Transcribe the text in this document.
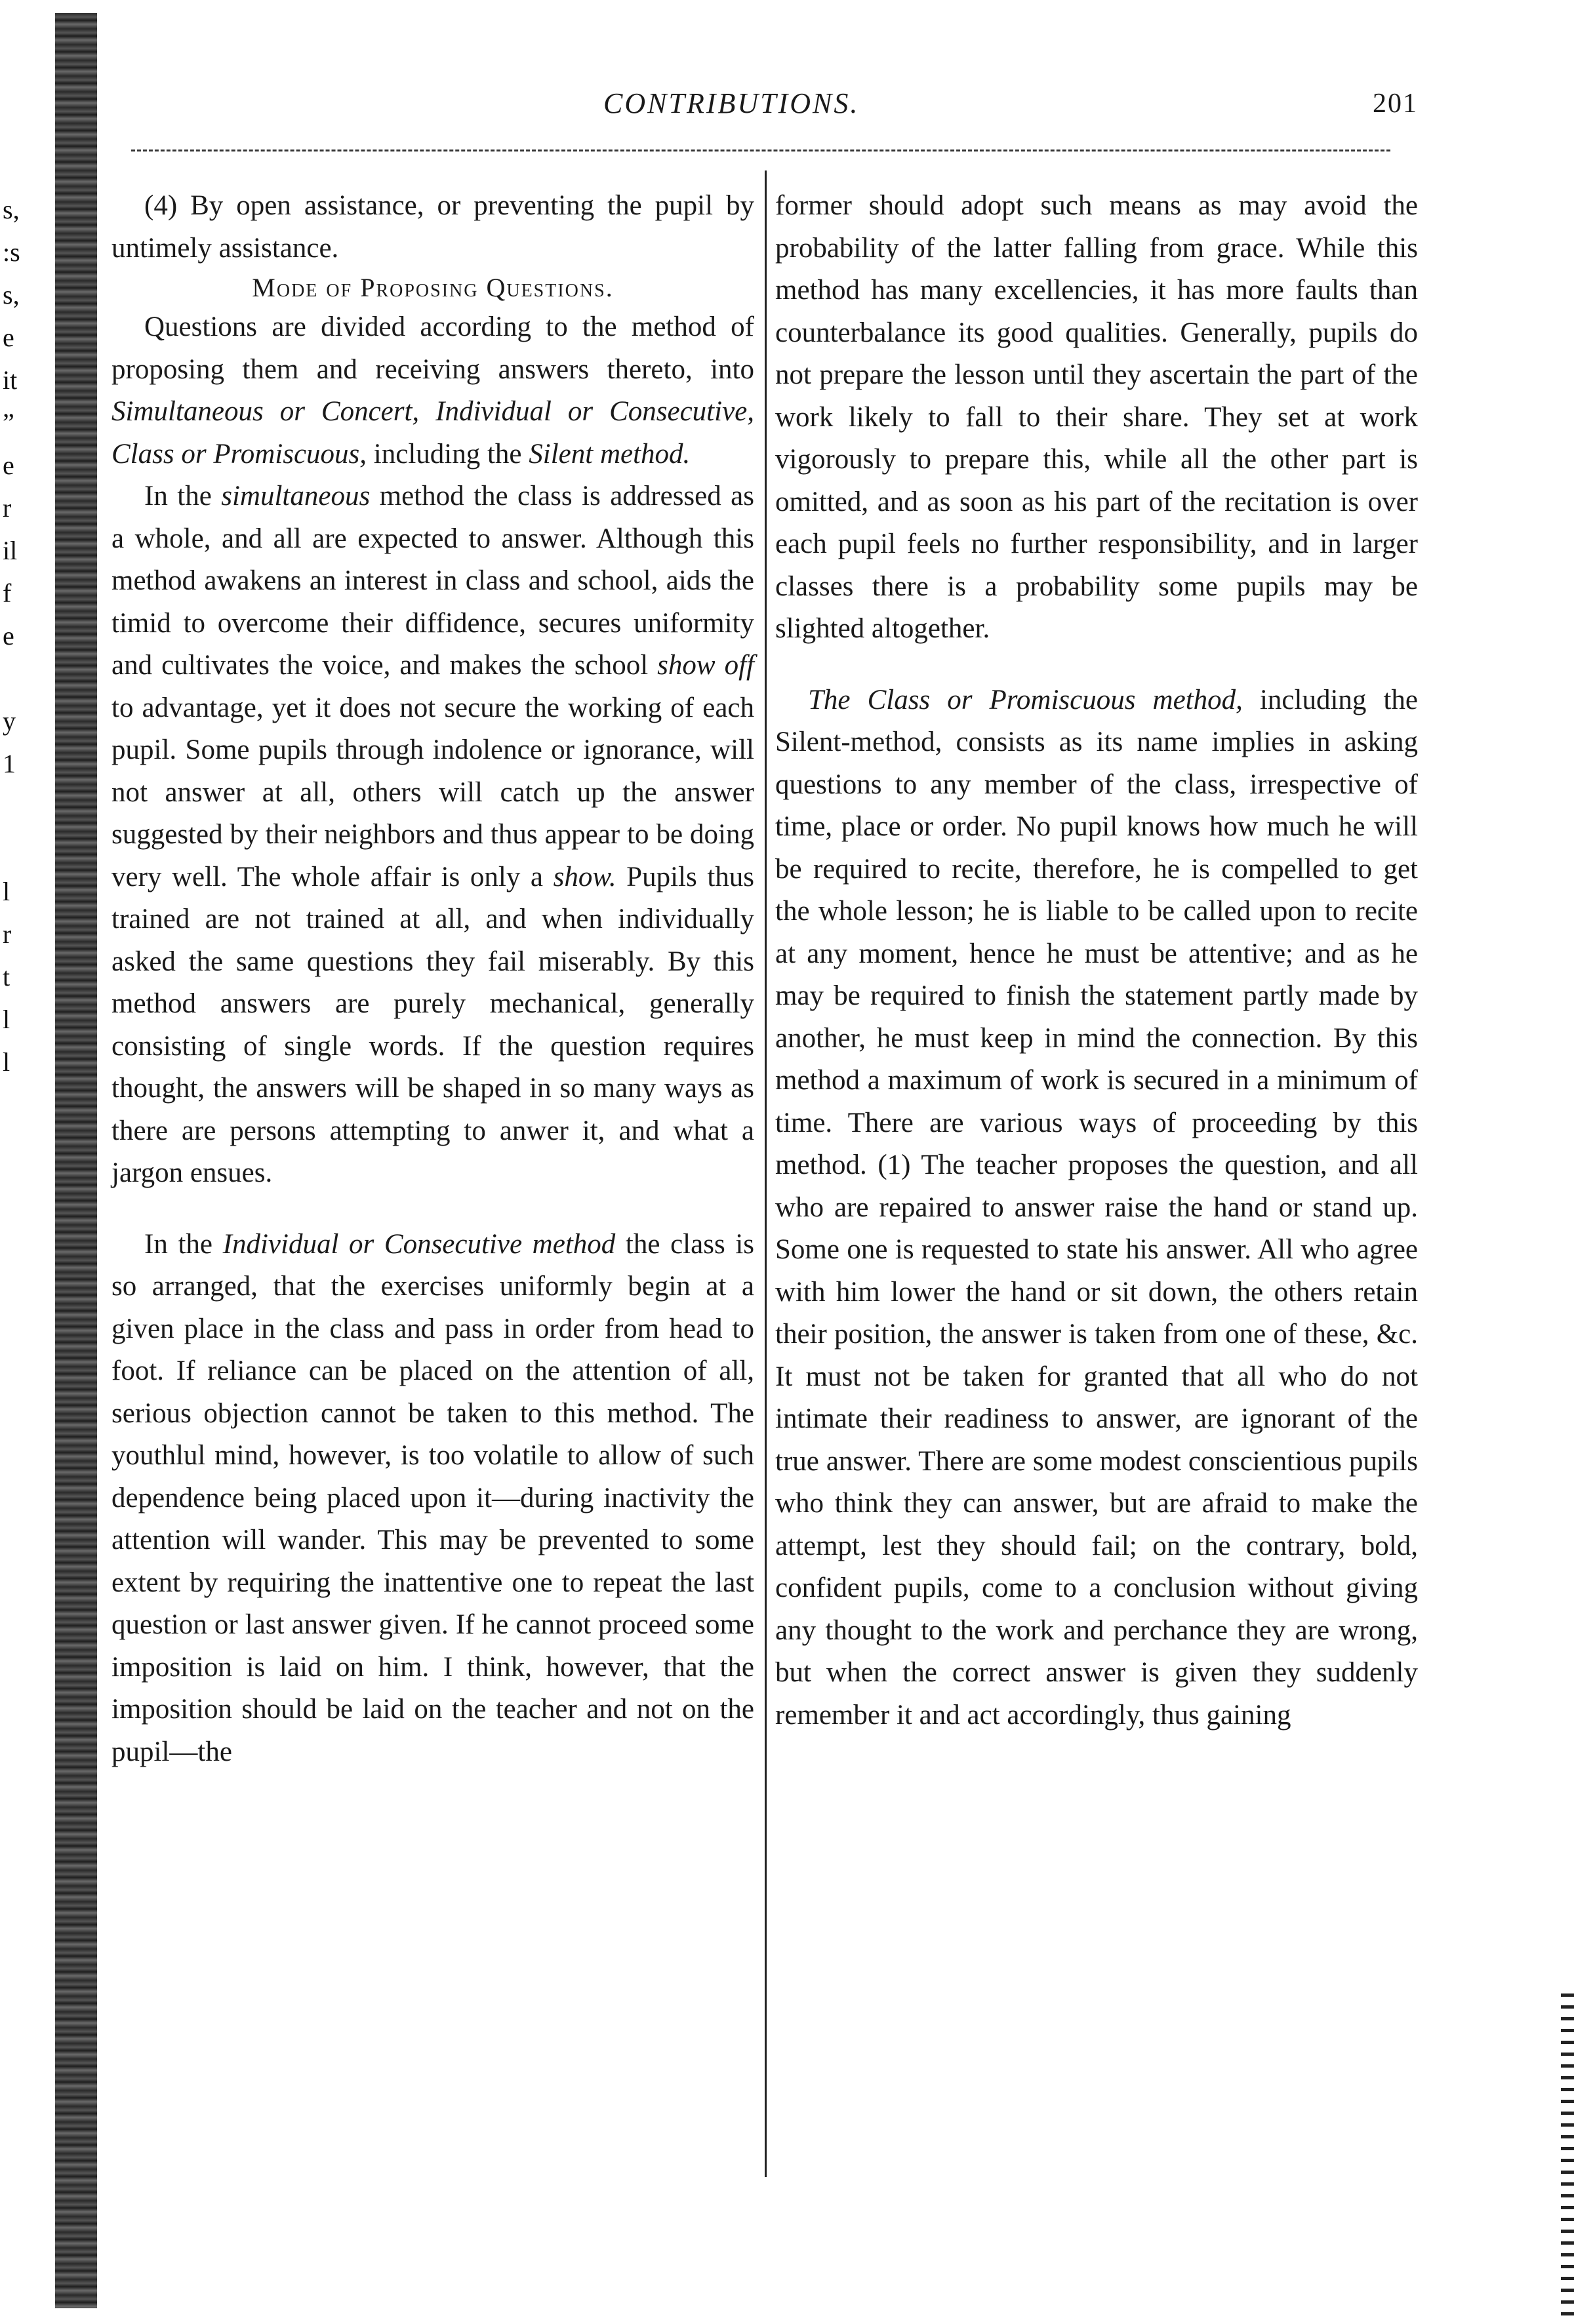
s,
:s
s,
e
it
”
e
r
il
f
e
y
1
l
r
t
l
l
CONTRIBUTIONS.	201

(4) By open assistance, or preventing the pupil by untimely assistance.

Mode of Proposing Questions.

Questions are divided according to the method of proposing them and receiving answers thereto, into Simultaneous or Concert, Individual or Consecutive, Class or Promiscuous, including the Silent method.

In the simultaneous method the class is addressed as a whole, and all are expected to answer. Although this method awakens an interest in class and school, aids the timid to overcome their diffidence, secures uniformity and cultivates the voice, and makes the school show off to advantage, yet it does not secure the working of each pupil. Some pupils through indolence or ignorance, will not answer at all, others will catch up the answer suggested by their neighbors and thus appear to be doing very well. The whole affair is only a show. Pupils thus trained are not trained at all, and when individually asked the same questions they fail miserably. By this method answers are purely mechanical, generally consisting of single words. If the question requires thought, the answers will be shaped in so many ways as there are persons attempting to anwer it, and what a jargon ensues.

In the Individual or Consecutive method the class is so arranged, that the exercises uniformly begin at a given place in the class and pass in order from head to foot. If reliance can be placed on the attention of all, serious objection cannot be taken to this method. The youthlul mind, however, is too volatile to allow of such dependence being placed upon it—during inactivity the attention will wander. This may be prevented to some extent by requiring the inattentive one to repeat the last question or last answer given. If he cannot proceed some imposition is laid on him. I think, however, that the imposition should be laid on the teacher and not on the pupil—the

former should adopt such means as may avoid the probability of the latter falling from grace. While this method has many excellencies, it has more faults than counterbalance its good qualities. Generally, pupils do not prepare the lesson until they ascertain the part of the work likely to fall to their share. They set at work vigorously to prepare this, while all the other part is omitted, and as soon as his part of the recitation is over each pupil feels no further responsibility, and in larger classes there is a probability some pupils may be slighted altogether.

The Class or Promiscuous method, including the Silent-method, consists as its name implies in asking questions to any member of the class, irrespective of time, place or order. No pupil knows how much he will be required to recite, therefore, he is compelled to get the whole lesson; he is liable to be called upon to recite at any moment, hence he must be attentive; and as he may be required to finish the statement partly made by another, he must keep in mind the connection. By this method a maximum of work is secured in a minimum of time. There are various ways of proceeding by this method. (1) The teacher proposes the question, and all who are repaired to answer raise the hand or stand up. Some one is requested to state his answer. All who agree with him lower the hand or sit down, the others retain their position, the answer is taken from one of these, &c. It must not be taken for granted that all who do not intimate their readiness to answer, are ignorant of the true answer. There are some modest conscientious pupils who think they can answer, but are afraid to make the attempt, lest they should fail; on the contrary, bold, confident pupils, come to a conclusion without giving any thought to the work and perchance they are wrong, but when the correct answer is given they suddenly remember it and act accordingly, thus gaining
